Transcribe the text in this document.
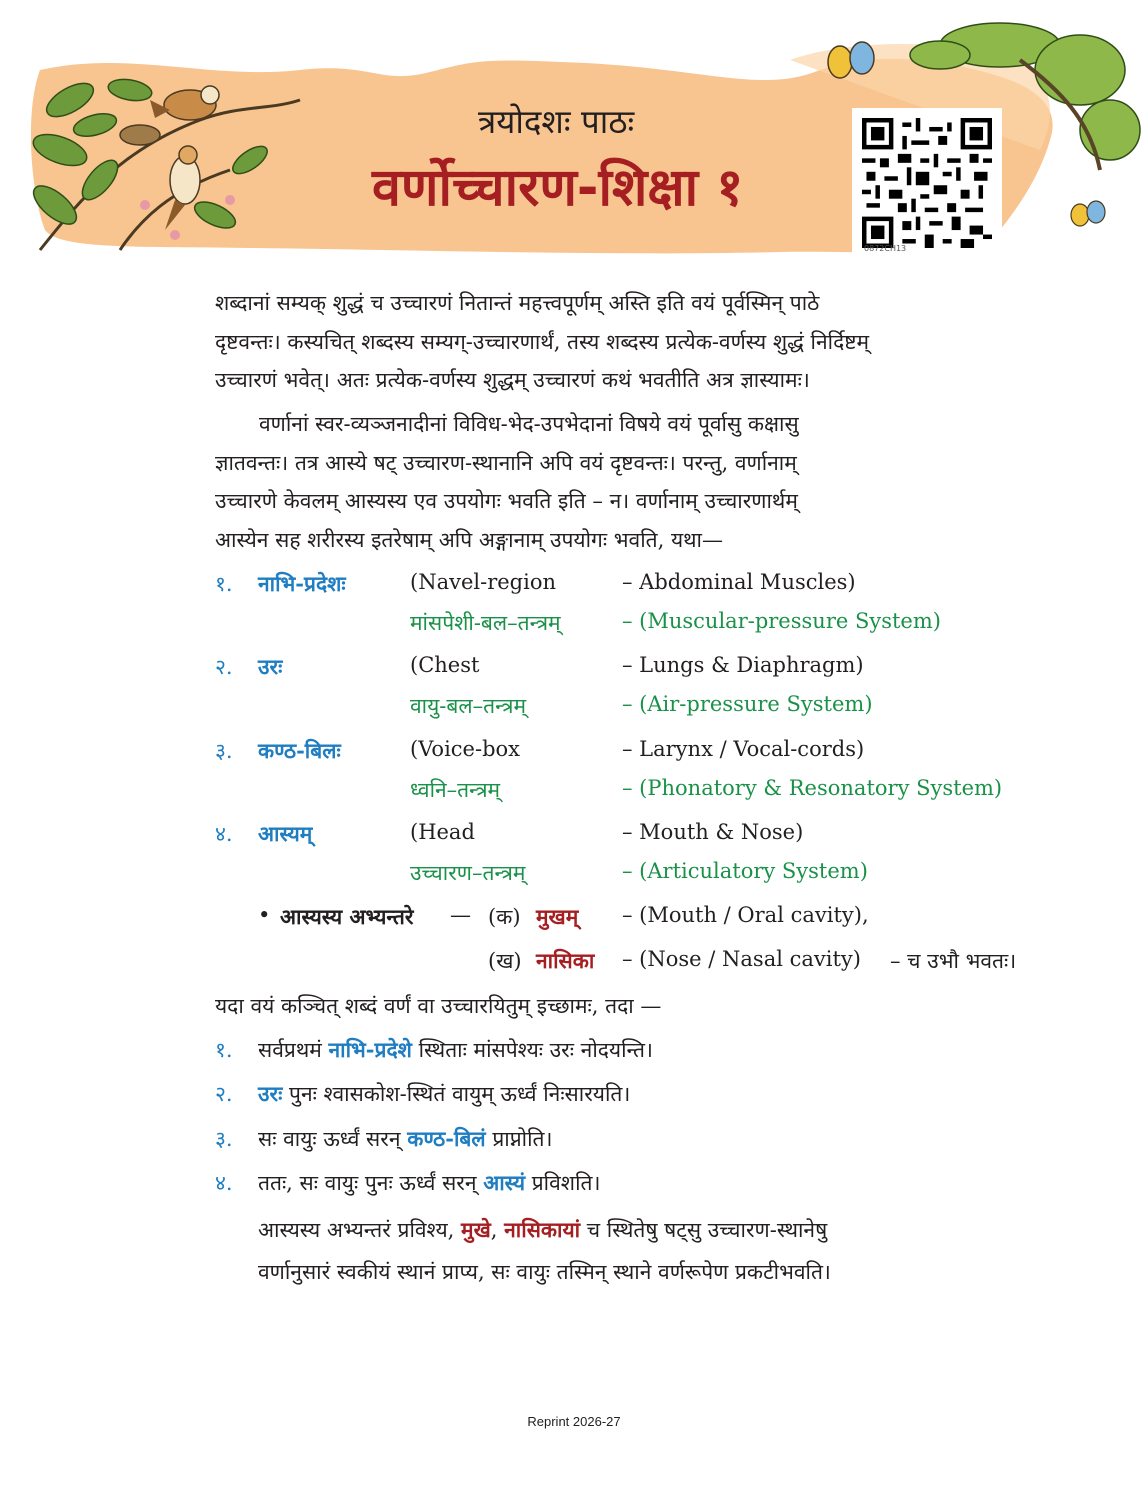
त्रयोदशः पाठः
वर्णोच्चारण-शिक्षा १
0872CH13
शब्दानां सम्यक् शुद्धं च उच्चारणं नितान्तं महत्त्वपूर्णम् अस्ति इति वयं पूर्वस्मिन् पाठे
दृष्टवन्तः। कस्यचित् शब्दस्य सम्यग्-उच्चारणार्थं, तस्य शब्दस्य प्रत्येक-वर्णस्य शुद्धं निर्दिष्टम्
उच्चारणं भवेत्। अतः प्रत्येक-वर्णस्य शुद्धम् उच्चारणं कथं भवतीति अत्र ज्ञास्यामः।
वर्णानां स्वर-व्यञ्जनादीनां विविध-भेद-उपभेदानां विषये वयं पूर्वासु कक्षासु
ज्ञातवन्तः। तत्र आस्ये षट् उच्चारण-स्थानानि अपि वयं दृष्टवन्तः। परन्तु, वर्णानाम्
उच्चारणे केवलम् आस्यस्य एव उपयोगः भवति इति – न। वर्णानाम् उच्चारणार्थम्
आस्येन सह शरीरस्य इतरेषाम् अपि अङ्गानाम् उपयोगः भवति, यथा—
१. नाभि-प्रदेशः	(Navel-region	– Abdominal Muscles)
मांसपेशी-बल–तन्त्रम्	– (Muscular-pressure System)
२. उरः	(Chest	– Lungs & Diaphragm)
वायु-बल–तन्त्रम्	– (Air-pressure System)
३. कण्ठ-बिलः	(Voice-box	– Larynx / Vocal-cords)
ध्वनि–तन्त्रम्	– (Phonatory & Resonatory System)
४. आस्यम्	(Head	– Mouth & Nose)
उच्चारण–तन्त्रम्	– (Articulatory System)
• आस्यस्य अभ्यन्तरे — (क) मुखम् – (Mouth / Oral cavity),
(ख) नासिका – (Nose / Nasal cavity) – च उभौ भवतः।
यदा वयं कञ्चित् शब्दं वर्णं वा उच्चारयितुम् इच्छामः, तदा —
१. सर्वप्रथमं नाभि-प्रदेशे स्थिताः मांसपेश्यः उरः नोदयन्ति।
२. उरः पुनः श्वासकोश-स्थितं वायुम् ऊर्ध्वं निःसारयति।
३. सः वायुः ऊर्ध्वं सरन् कण्ठ-बिलं प्राप्नोति।
४. ततः, सः वायुः पुनः ऊर्ध्वं सरन् आस्यं प्रविशति।
आस्यस्य अभ्यन्तरं प्रविश्य, मुखे, नासिकायां च स्थितेषु षट्सु उच्चारण-स्थानेषु
वर्णानुसारं स्वकीयं स्थानं प्राप्य, सः वायुः तस्मिन् स्थाने वर्णरूपेण प्रकटीभवति।
Reprint 2026-27
